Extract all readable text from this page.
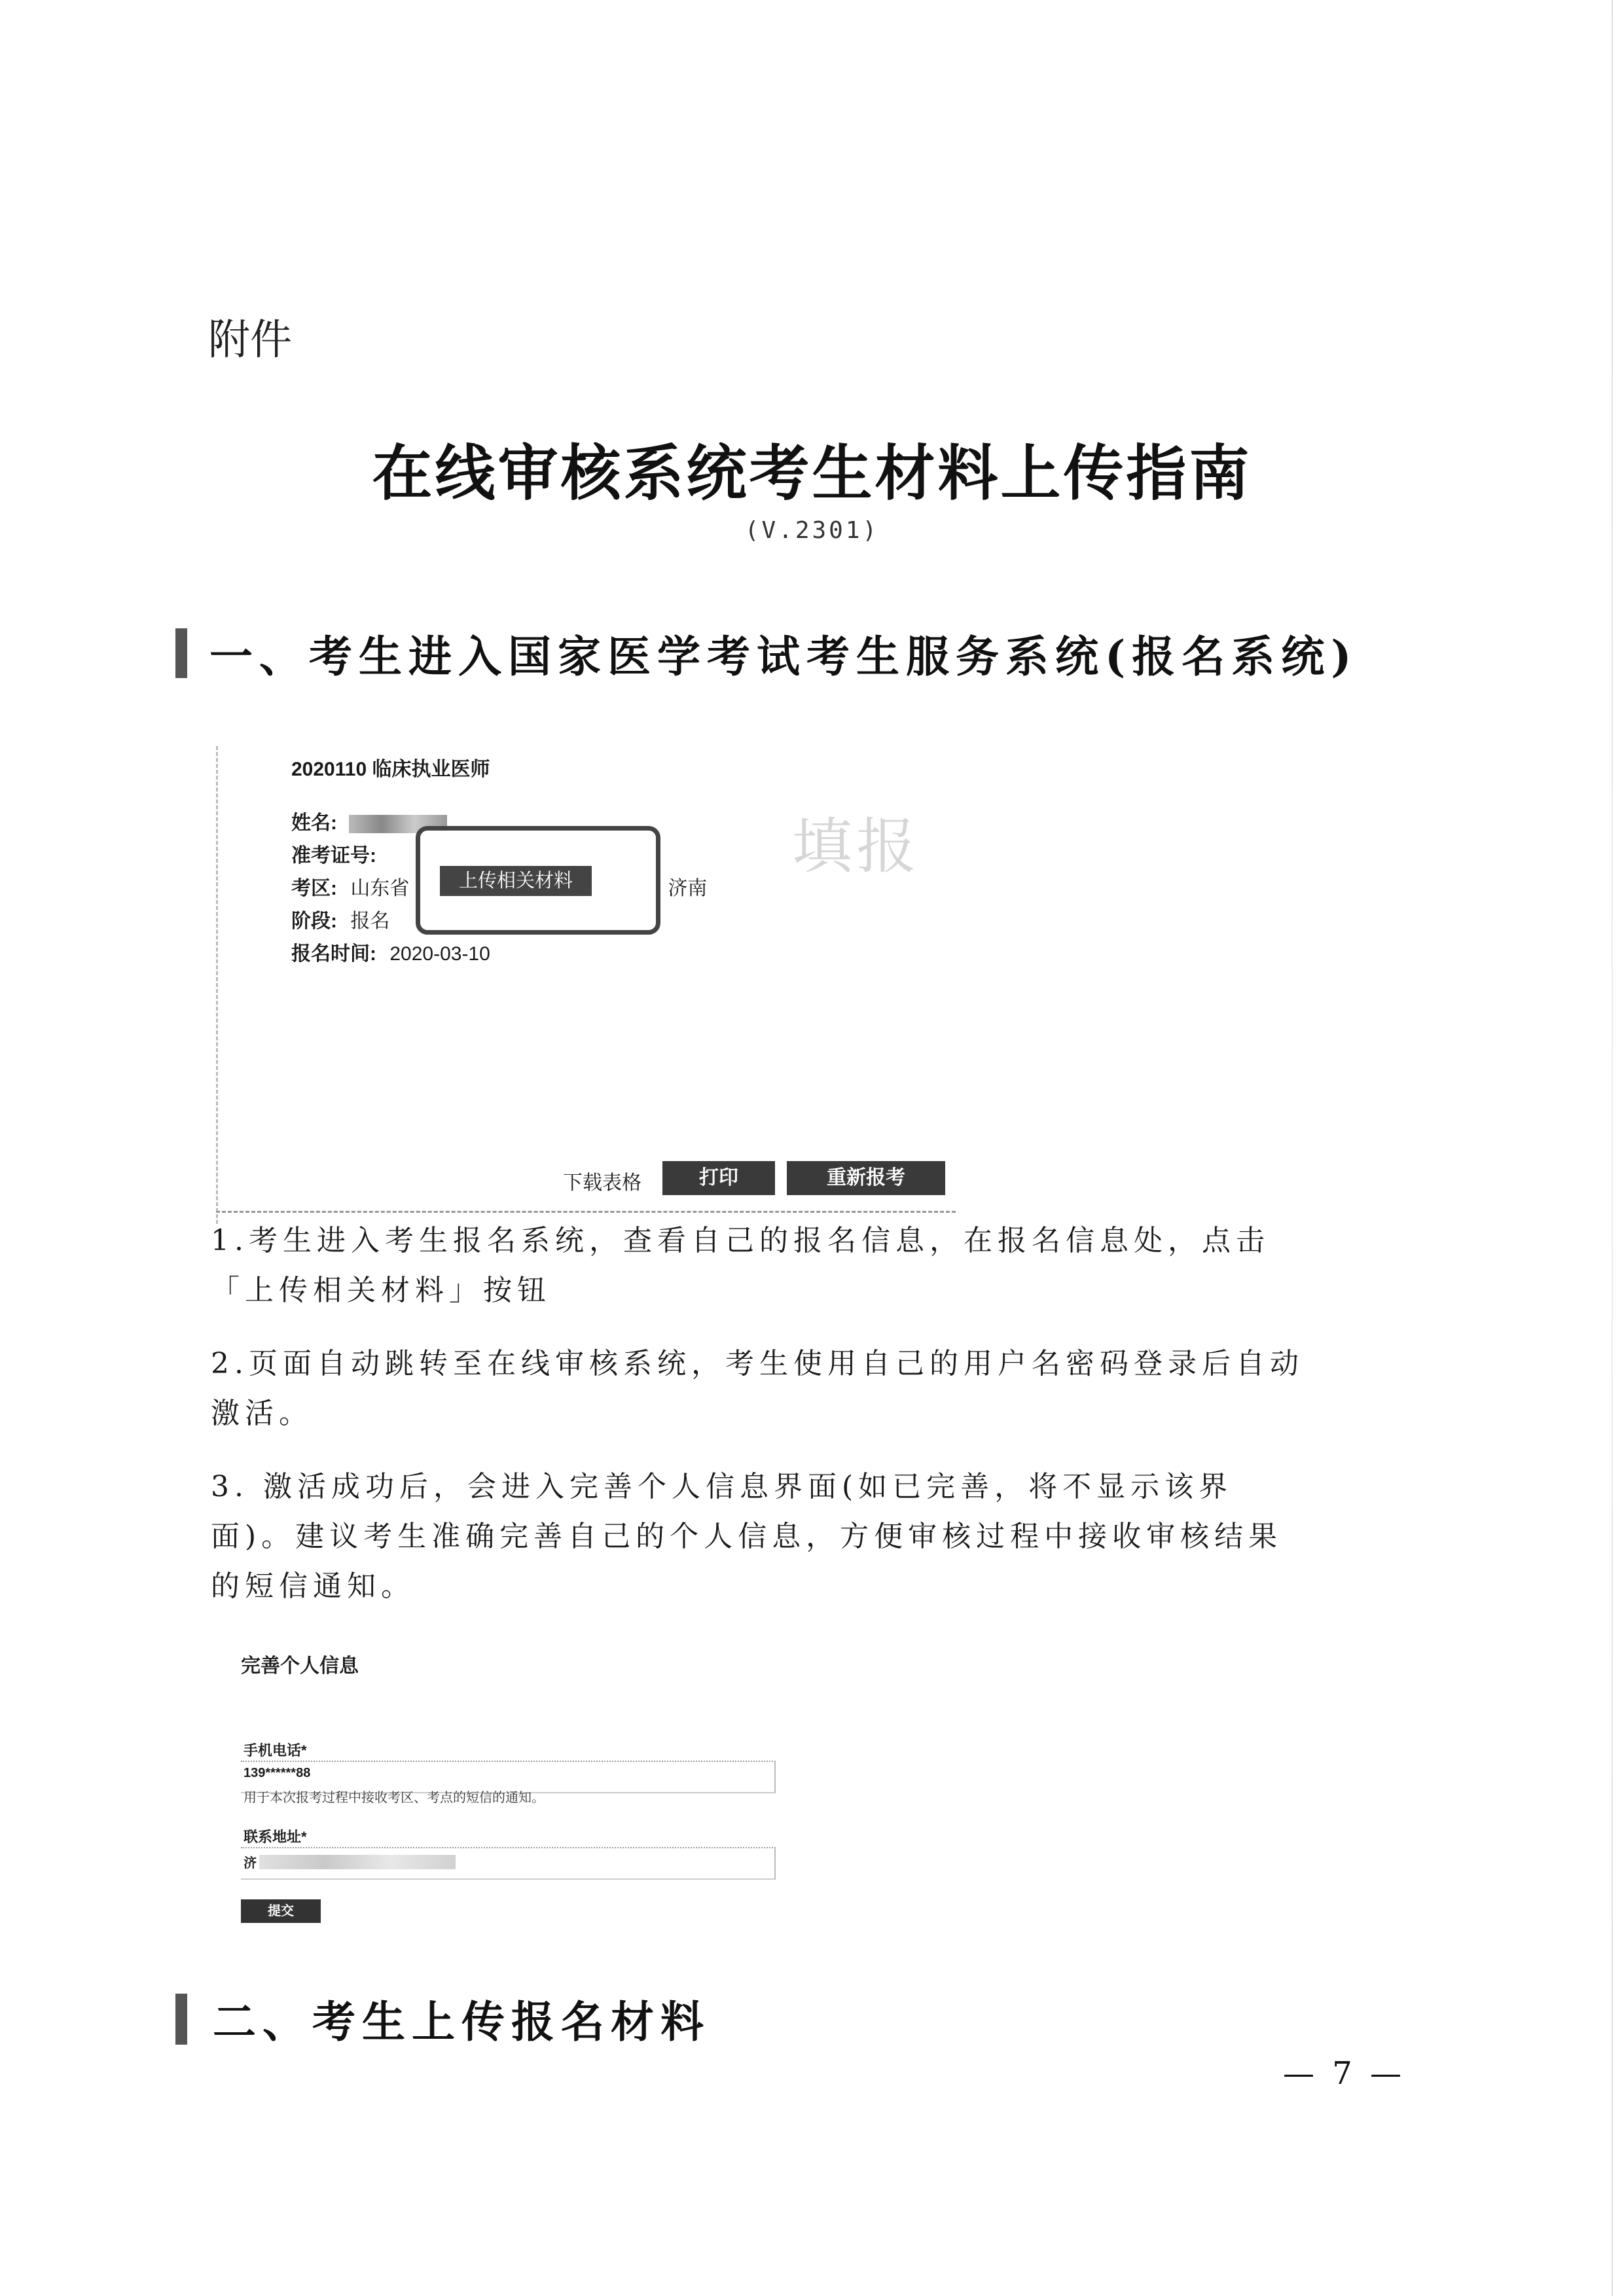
附件
在线审核系统考生材料上传指南
(V.2301)
一、考生进入国家医学考试考生服务系统(报名系统)
2020110 临床执业医师
姓名:
准考证号:
考区: 山东省	济南
阶段: 报名
报名时间: 2020-03-10
上传相关材料	填报
下载表格	打印	重新报考
1.考生进入考生报名系统，查看自己的报名信息，在报名信息处，点击
「上传相关材料」按钮
2.页面自动跳转至在线审核系统，考生使用自己的用户名密码登录后自动
激活。
3. 激活成功后，会进入完善个人信息界面(如已完善，将不显示该界
面)。建议考生准确完善自己的个人信息，方便审核过程中接收审核结果
的短信通知。
完善个人信息
手机电话*
139******88
用于本次报考过程中接收考区、考点的短信的通知。
联系地址*
济
提交
二、考生上传报名材料
— 7 —
